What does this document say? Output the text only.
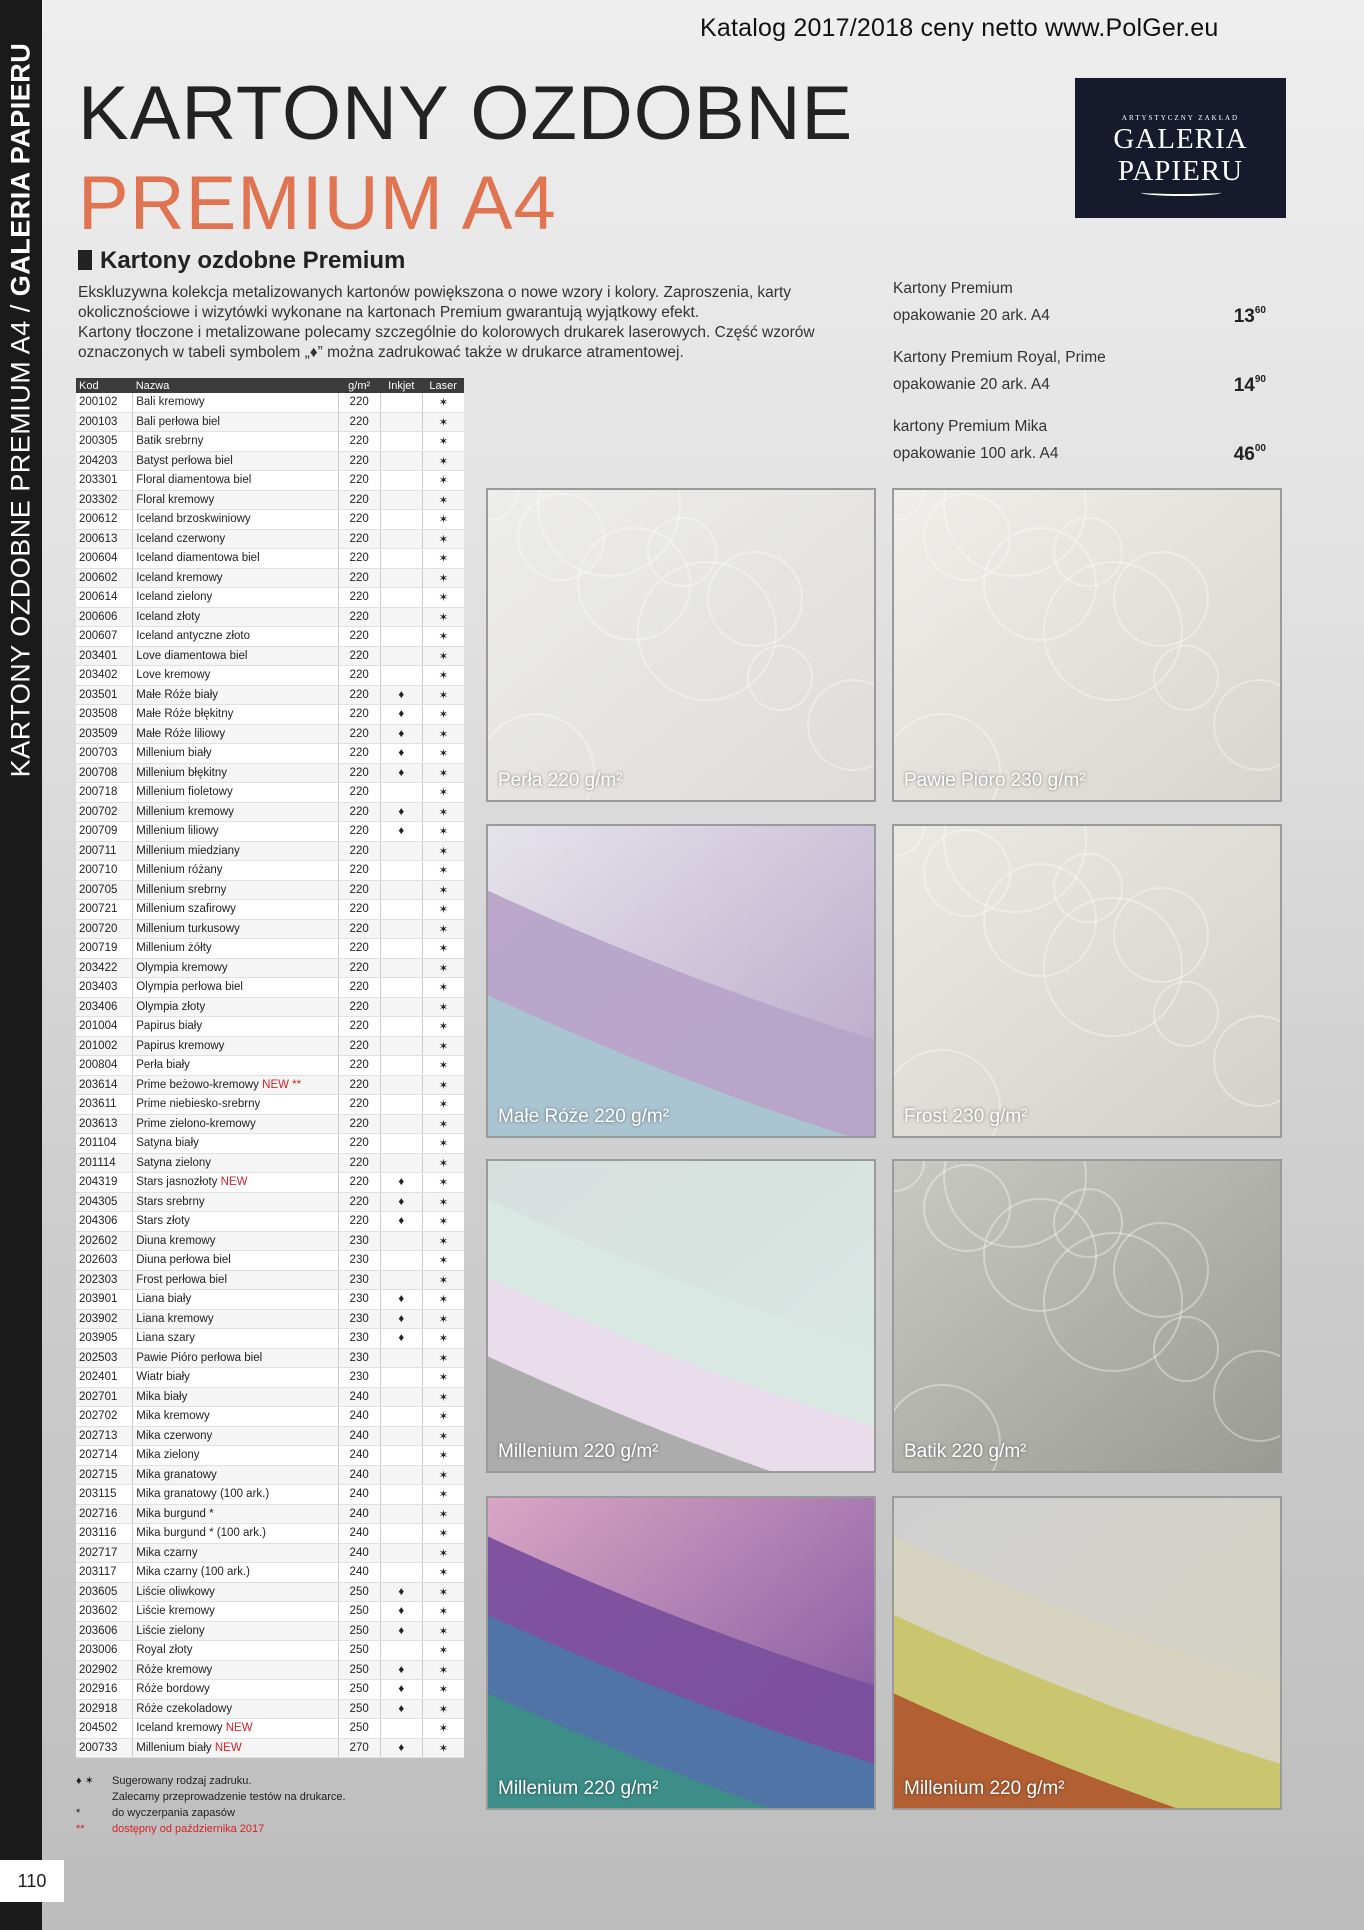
KARTONY OZDOBNE PREMIUM A4 / GALERIA PAPIERU
110
Katalog 2017/2018 ceny netto www.PolGer.eu
KARTONY OZDOBNE
PREMIUM A4
ARTYSTYCZNY ZAKŁAD
GALERIA
PAPIERU
Kartony ozdobne Premium

Ekskluzywna kolekcja metalizowanych kartonów powiększona o nowe wzory i kolory. Zaproszenia, karty okolicznościowe i wizytówki wykonane na kartonach Premium gwarantują wyjątkowy efekt.

Kartony tłoczone i metalizowane polecamy szczególnie do kolorowych drukarek laserowych. Część wzorów oznaczonych w tabeli symbolem „♦” można zadrukować także w drukarce atramentowej.

Kartony Premium
opakowanie 20 ark. A4	$13^{60}$
Kartony Premium Royal, Prime
opakowanie 20 ark. A4	$14^{90}$
kartony Premium Mika
opakowanie 100 ark. A4	$46^{00}$
Kod	Nazwa	g/m²	Inkjet	Laser
200102	Bali kremowy	220		✶
200103	Bali perłowa biel	220		✶
200305	Batik srebrny	220		✶
204203	Batyst perłowa biel	220		✶
203301	Floral diamentowa biel	220		✶
203302	Floral kremowy	220		✶
200612	Iceland brzoskwiniowy	220		✶
200613	Iceland czerwony	220		✶
200604	Iceland diamentowa biel	220		✶
200602	Iceland kremowy	220		✶
200614	Iceland zielony	220		✶
200606	Iceland złoty	220		✶
200607	Iceland antyczne złoto	220		✶
203401	Love diamentowa biel	220		✶
203402	Love kremowy	220		✶
203501	Małe Róże biały	220	♦	✶
203508	Małe Róże błękitny	220	♦	✶
203509	Małe Róże liliowy	220	♦	✶
200703	Millenium biały	220	♦	✶
200708	Millenium błękitny	220	♦	✶
200718	Millenium fioletowy	220		✶
200702	Millenium kremowy	220	♦	✶
200709	Millenium liliowy	220	♦	✶
200711	Millenium miedziany	220		✶
200710	Millenium różany	220		✶
200705	Millenium srebrny	220		✶
200721	Millenium szafirowy	220		✶
200720	Millenium turkusowy	220		✶
200719	Millenium żółty	220		✶
203422	Olympia kremowy	220		✶
203403	Olympia perłowa biel	220		✶
203406	Olympia złoty	220		✶
201004	Papirus biały	220		✶
201002	Papirus kremowy	220		✶
200804	Perła biały	220		✶
203614	Prime beżowo-kremowy NEW **	220		✶
203611	Prime niebiesko-srebrny	220		✶
203613	Prime zielono-kremowy	220		✶
201104	Satyna biały	220		✶
201114	Satyna zielony	220		✶
204319	Stars jasnozłoty NEW	220	♦	✶
204305	Stars srebrny	220	♦	✶
204306	Stars złoty	220	♦	✶
202602	Diuna kremowy	230		✶
202603	Diuna perłowa biel	230		✶
202303	Frost perłowa biel	230		✶
203901	Liana biały	230	♦	✶
203902	Liana kremowy	230	♦	✶
203905	Liana szary	230	♦	✶
202503	Pawie Pióro perłowa biel	230		✶
202401	Wiatr biały	230		✶
202701	Mika biały	240		✶
202702	Mika kremowy	240		✶
202713	Mika czerwony	240		✶
202714	Mika zielony	240		✶
202715	Mika granatowy	240		✶
203115	Mika granatowy (100 ark.)	240		✶
202716	Mika burgund *	240		✶
203116	Mika burgund * (100 ark.)	240		✶
202717	Mika czarny	240		✶
203117	Mika czarny (100 ark.)	240		✶
203605	Liście oliwkowy	250	♦	✶
203602	Liście kremowy	250	♦	✶
203606	Liście zielony	250	♦	✶
203006	Royal złoty	250		✶
202902	Róże kremowy	250	♦	✶
202916	Róże bordowy	250	♦	✶
202918	Róże czekoladowy	250	♦	✶
204502	Iceland kremowy NEW	250		✶
200733	Millenium biały NEW	270	♦	✶
♦ ✶ Sugerowany rodzaj zadruku.
Zalecamy przeprowadzenie testów na drukarce.
*	do wyczerpania zapasów
** dostępny od października 2017
Perła 220 g/m²	Pawie Pióro 230 g/m²
Małe Róże 220 g/m²	Frost 230 g/m²
Millenium 220 g/m²	Batik 220 g/m²
Millenium 220 g/m²	Millenium 220 g/m²
